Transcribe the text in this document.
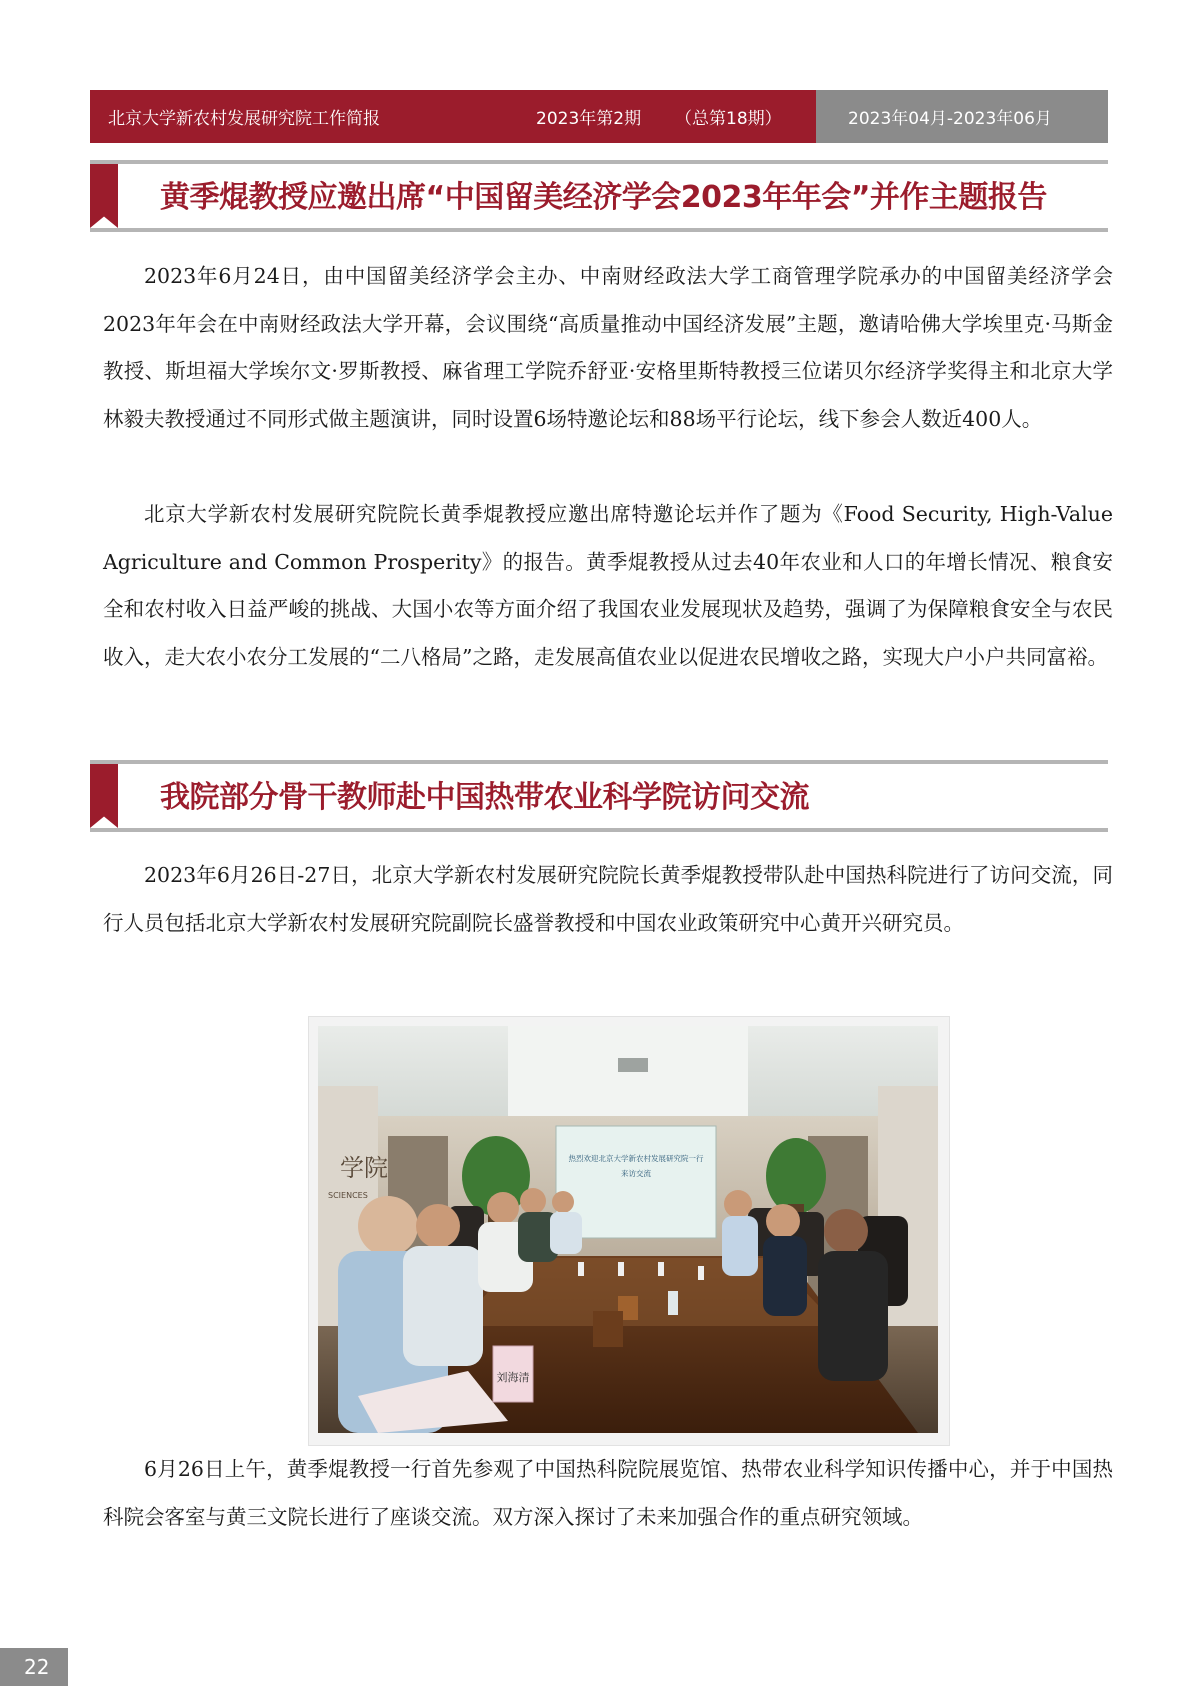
北京大学新农村发展研究院工作简报	2023年第2期 （总第18期）	2023年04月-2023年06月
黄季焜教授应邀出席“中国留美经济学会2023年年会”并作主题报告

2023年6月24日，由中国留美经济学会主办、中南财经政法大学工商管理学院承办的中国留美经济学会2023年年会在中南财经政法大学开幕，会议围绕“高质量推动中国经济发展”主题，邀请哈佛大学埃里克·马斯金教授、斯坦福大学埃尔文·罗斯教授、麻省理工学院乔舒亚·安格里斯特教授三位诺贝尔经济学奖得主和北京大学林毅夫教授通过不同形式做主题演讲，同时设置6场特邀论坛和88场平行论坛，线下参会人数近400人。

北京大学新农村发展研究院院长黄季焜教授应邀出席特邀论坛并作了题为《Food Security, High-Value Agriculture and Common Prosperity》的报告。黄季焜教授从过去40年农业和人口的年增长情况、粮食安全和农村收入日益严峻的挑战、大国小农等方面介绍了我国农业发展现状及趋势，强调了为保障粮食安全与农民收入，走大农小农分工发展的“二八格局”之路，走发展高值农业以促进农民增收之路，实现大户小户共同富裕。

我院部分骨干教师赴中国热带农业科学院访问交流

2023年6月26日-27日，北京大学新农村发展研究院院长黄季焜教授带队赴中国热科院进行了访问交流，同行人员包括北京大学新农村发展研究院副院长盛誉教授和中国农业政策研究中心黄开兴研究员。

学院
SCIENCES
热烈欢迎北京大学新农村发展研究院一行
来访交流
刘海清

6月26日上午，黄季焜教授一行首先参观了中国热科院院展览馆、热带农业科学知识传播中心，并于中国热科院会客室与黄三文院长进行了座谈交流。双方深入探讨了未来加强合作的重点研究领域。

22
